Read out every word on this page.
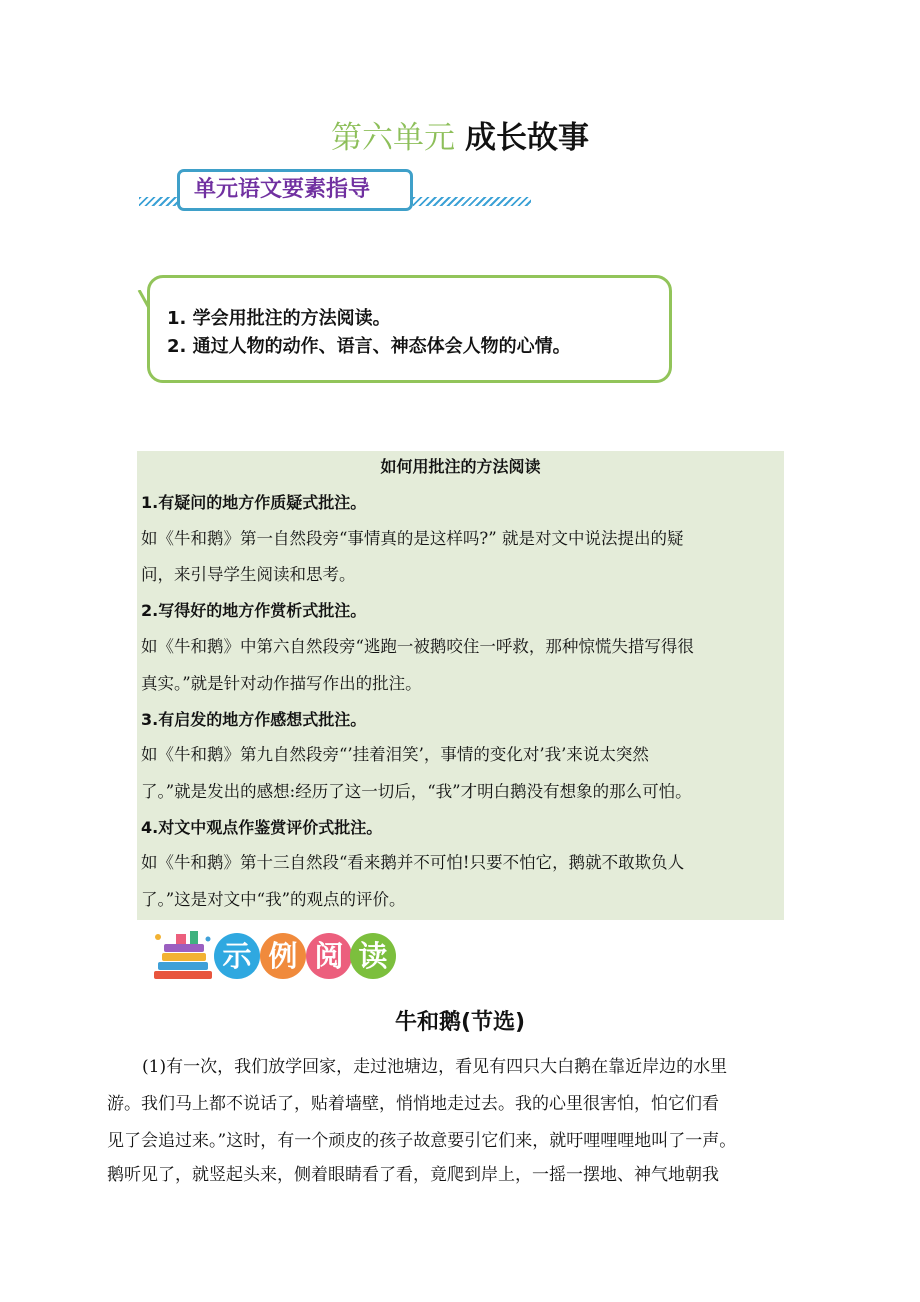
第六单元 成长故事
单元语文要素指导
1. 学会用批注的方法阅读。
2. 通过人物的动作、语言、神态体会人物的心情。
如何用批注的方法阅读
1.有疑问的地方作质疑式批注。
如《牛和鹅》第一自然段旁“事情真的是这样吗?” 就是对文中说法提出的疑
问，来引导学生阅读和思考。
2.写得好的地方作赏析式批注。
如《牛和鹅》中第六自然段旁“逃跑一被鹅咬住一呼救，那种惊慌失措写得很
真实。”就是针对动作描写作出的批注。
3.有启发的地方作感想式批注。
如《牛和鹅》第九自然段旁“’挂着泪笑’，事情的变化对’我’来说太突然
了。”就是发出的感想:经历了这一切后，“我”才明白鹅没有想象的那么可怕。
4.对文中观点作鉴赏评价式批注。
如《牛和鹅》第十三自然段“看来鹅并不可怕!只要不怕它，鹅就不敢欺负人
了。”这是对文中“我”的观点的评价。
示 例 阅 读
牛和鹅(节选)
(1)有一次，我们放学回家，走过池塘边，看见有四只大白鹅在靠近岸边的水里
游。我们马上都不说话了，贴着墙壁，悄悄地走过去。我的心里很害怕，怕它们看
见了会追过来。”这时，有一个顽皮的孩子故意要引它们来，就吁哩哩哩地叫了一声。
鹅听见了，就竖起头来，侧着眼睛看了看，竟爬到岸上，一摇一摆地、神气地朝我
